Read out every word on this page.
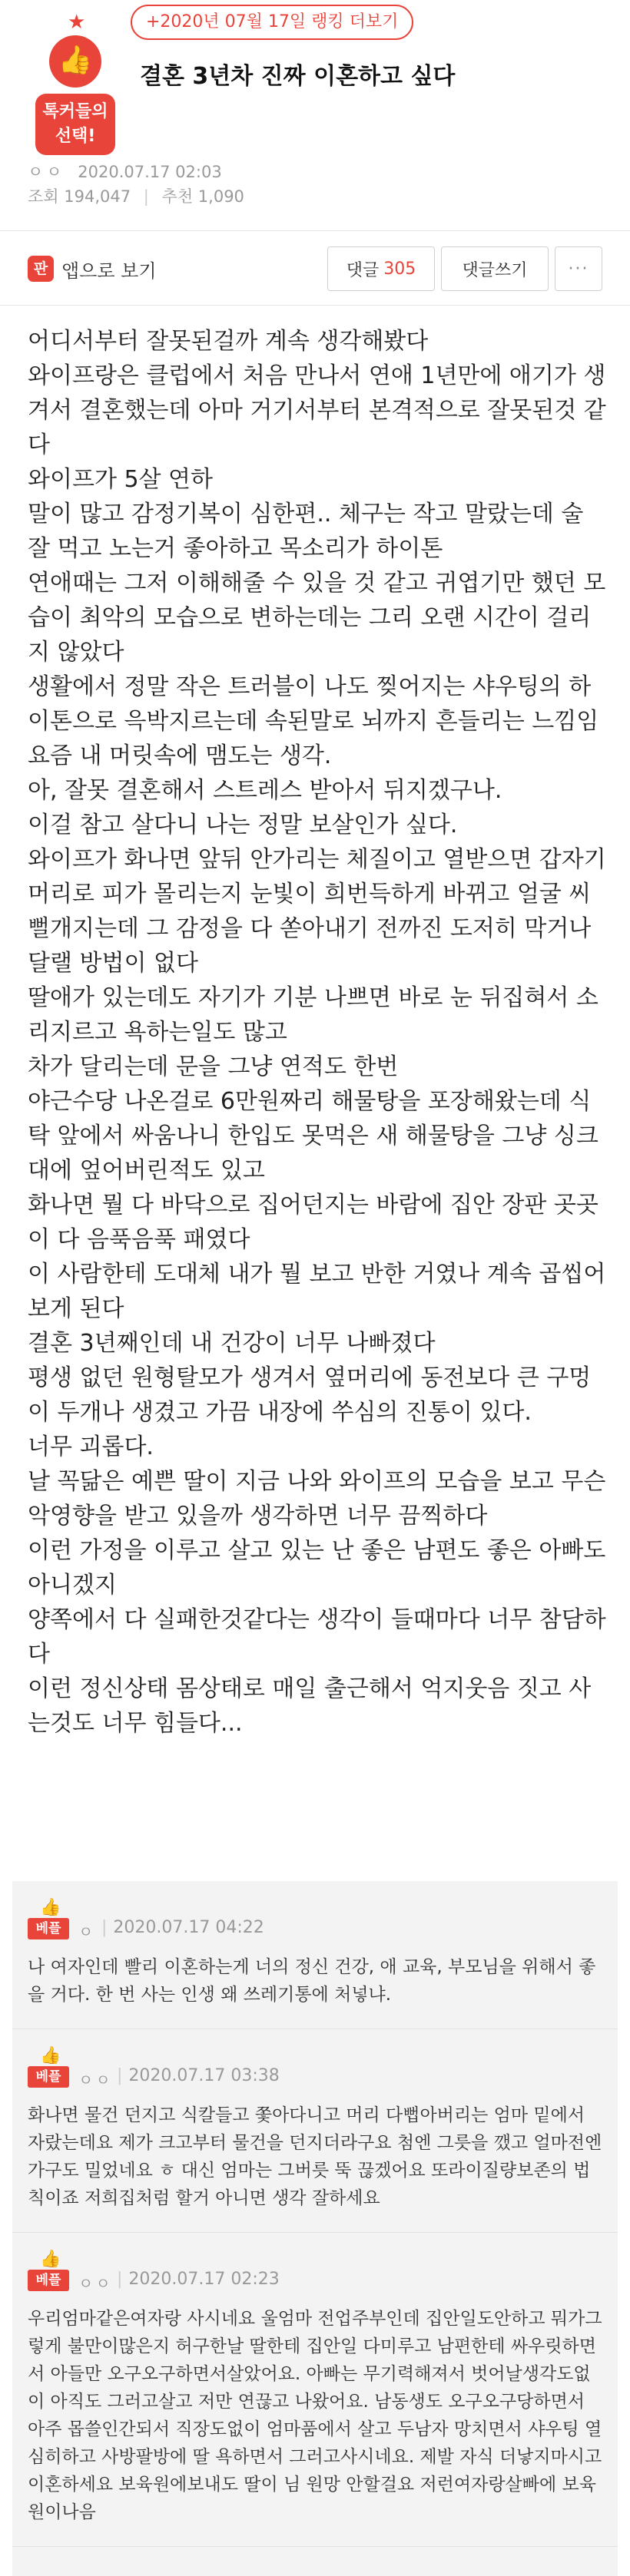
+2020년 07월 17일 랭킹 더보기
★
👍
톡커들의 선택!
결혼 3년차 진짜 이혼하고 싶다
ㅇㅇ 2020.07.17 02:03
조회 194,047 | 추천 1,090
판 앱으로 보기	댓글 305	댓글쓰기	···

어디서부터 잘못된걸까 계속 생각해봤다

와이프랑은 클럽에서 처음 만나서 연애 1년만에 애기가 생겨서 결혼했는데 아마 거기서부터 본격적으로 잘못된것 같다

와이프가 5살 연하

말이 많고 감정기복이 심한편.. 체구는 작고 말랐는데 술 잘 먹고 노는거 좋아하고 목소리가 하이톤

연애때는 그저 이해해줄 수 있을 것 같고 귀엽기만 했던 모습이 최악의 모습으로 변하는데는 그리 오랜 시간이 걸리지 않았다

생활에서 정말 작은 트러블이 나도 찢어지는 샤우팅의 하이톤으로 윽박지르는데 속된말로 뇌까지 흔들리는 느낌임

요즘 내 머릿속에 맴도는 생각.

아, 잘못 결혼해서 스트레스 받아서 뒤지겠구나.

이걸 참고 살다니 나는 정말 보살인가 싶다.

와이프가 화나면 앞뒤 안가리는 체질이고 열받으면 갑자기 머리로 피가 몰리는지 눈빛이 희번득하게 바뀌고 얼굴 씨뻘개지는데 그 감정을 다 쏟아내기 전까진 도저히 막거나 달랠 방법이 없다

딸애가 있는데도 자기가 기분 나쁘면 바로 눈 뒤집혀서 소리지르고 욕하는일도 많고

차가 달리는데 문을 그냥 연적도 한번

야근수당 나온걸로 6만원짜리 해물탕을 포장해왔는데 식탁 앞에서 싸움나니 한입도 못먹은 새 해물탕을 그냥 싱크대에 엎어버린적도 있고

화나면 뭘 다 바닥으로 집어던지는 바람에 집안 장판 곳곳이 다 음푹음푹 패였다

이 사람한테 도대체 내가 뭘 보고 반한 거였나 계속 곱씹어보게 된다

결혼 3년째인데 내 건강이 너무 나빠졌다

평생 없던 원형탈모가 생겨서 옆머리에 동전보다 큰 구멍이 두개나 생겼고 가끔 내장에 쑤심의 진통이 있다.

너무 괴롭다.

날 꼭닮은 예쁜 딸이 지금 나와 와이프의 모습을 보고 무슨 악영향을 받고 있을까 생각하면 너무 끔찍하다

이런 가정을 이루고 살고 있는 난 좋은 남편도 좋은 아빠도 아니겠지

양쪽에서 다 실패한것같다는 생각이 들때마다 너무 참담하다

이런 정신상태 몸상태로 매일 출근해서 억지웃음 짓고 사는것도 너무 힘들다...

👍
베플	ㅇ | 2020.07.17 04:22
나 여자인데 빨리 이혼하는게 너의 정신 건강, 애 교육, 부모님을 위해서 좋을 거다. 한 번 사는 인생 왜 쓰레기통에 처넣냐.
👍
베플	ㅇㅇ | 2020.07.17 03:38
화나면 물건 던지고 식칼들고 쫓아다니고 머리 다뻡아버리는 엄마 밑에서 자랐는데요 제가 크고부터 물건을 던지더라구요 첨엔 그릇을 깼고 얼마전엔 가구도 밀었네요 ㅎ 대신 엄마는 그버릇 뚝 끊겠어요 또라이질량보존의 법칙이죠 저희집처럼 할거 아니면 생각 잘하세요
👍
베플	ㅇㅇ | 2020.07.17 02:23
우리엄마같은여자랑 사시네요 울엄마 전업주부인데 집안일도안하고 뭐가그렇게 불만이많은지 허구한날 딸한테 집안일 다미루고 남편한테 싸우릿하면서 아들만 오구오구하면서살았어요. 아빠는 무기력해져서 벗어날생각도없이 아직도 그러고살고 저만 연끊고 나왔어요. 남동생도 오구오구당하면서 아주 몹쓸인간되서 직장도없이 엄마품에서 살고 두남자 망치면서 샤우팅 열심히하고 사방팔방에 딸 욕하면서 그러고사시네요. 제발 자식 더낳지마시고 이혼하세요 보육원에보내도 딸이 님 원망 안할걸요 저런여자랑살빠에 보육원이나음
